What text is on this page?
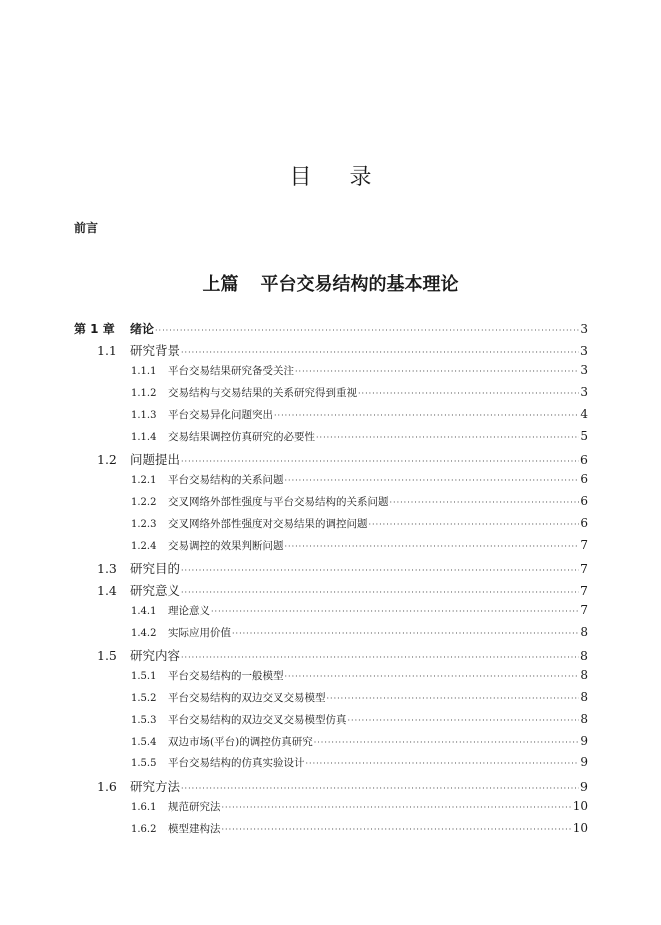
目 录
前言
上篇 平台交易结构的基本理论
第 1 章	绪论 ·····	3
1.1	研究背景 ·····	3
1.1.1	平台交易结果研究备受关注 ·····	3
1.1.2	交易结构与交易结果的关系研究得到重视 ·····	3
1.1.3	平台交易异化问题突出 ·····	4
1.1.4	交易结果调控仿真研究的必要性 ·····	5
1.2	问题提出 ·····	6
1.2.1	平台交易结构的关系问题 ·····	6
1.2.2	交叉网络外部性强度与平台交易结构的关系问题 ·····	6
1.2.3	交叉网络外部性强度对交易结果的调控问题 ·····	6
1.2.4	交易调控的效果判断问题 ·····	7
1.3	研究目的 ·····	7
1.4	研究意义 ·····	7
1.4.1	理论意义 ·····	7
1.4.2	实际应用价值 ·····	8
1.5	研究内容 ·····	8
1.5.1	平台交易结构的一般模型 ·····	8
1.5.2	平台交易结构的双边交叉交易模型 ·····	8
1.5.3	平台交易结构的双边交叉交易模型仿真 ·····	8
1.5.4	双边市场(平台)的调控仿真研究 ·····	9
1.5.5	平台交易结构的仿真实验设计 ·····	9
1.6	研究方法 ·····	9
1.6.1	规范研究法 ·····	10
1.6.2	模型建构法 ·····	10
